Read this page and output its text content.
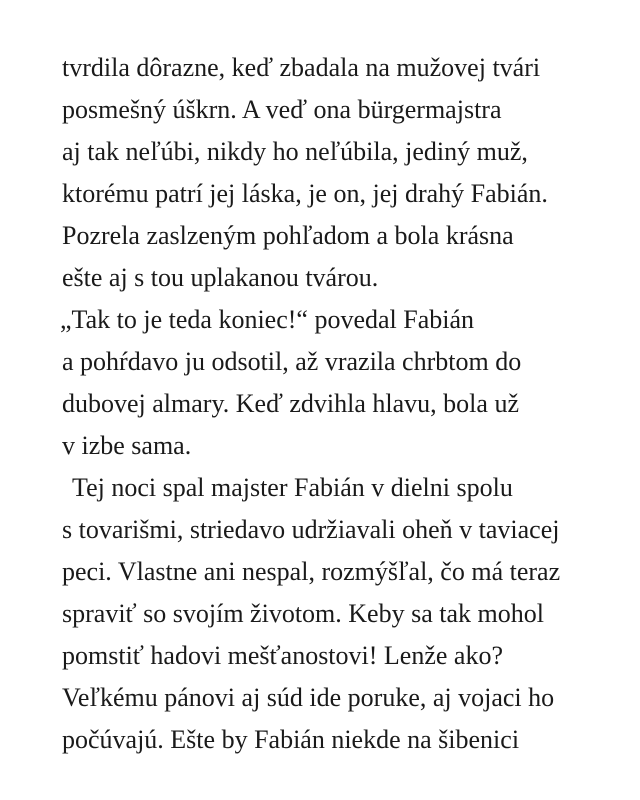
tvrdila dôrazne, keď zbadala na mužovej tvári
posmešný úškrn. A veď ona bürgermajstra
aj tak neľúbi, nikdy ho neľúbila, jediný muž,
ktorému patrí jej láska, je on, jej drahý Fabián.
Pozrela zaslzeným pohľadom a bola krásna
ešte aj s tou uplakanou tvárou.
„Tak to je teda koniec!“ povedal Fabián
a pohŕdavo ju odsotil, až vrazila chrbtom do
dubovej almary. Keď zdvihla hlavu, bola už
v izbe sama.
Tej noci spal majster Fabián v dielni spolu
s tovarišmi, striedavo udržiavali oheň v taviacej
peci. Vlastne ani nespal, rozmýšľal, čo má teraz
spraviť so svojím životom. Keby sa tak mohol
pomstiť hadovi mešťanostovi! Lenže ako?
Veľkému pánovi aj súd ide poruke, aj vojaci ho
počúvajú. Ešte by Fabián niekde na šibenici
